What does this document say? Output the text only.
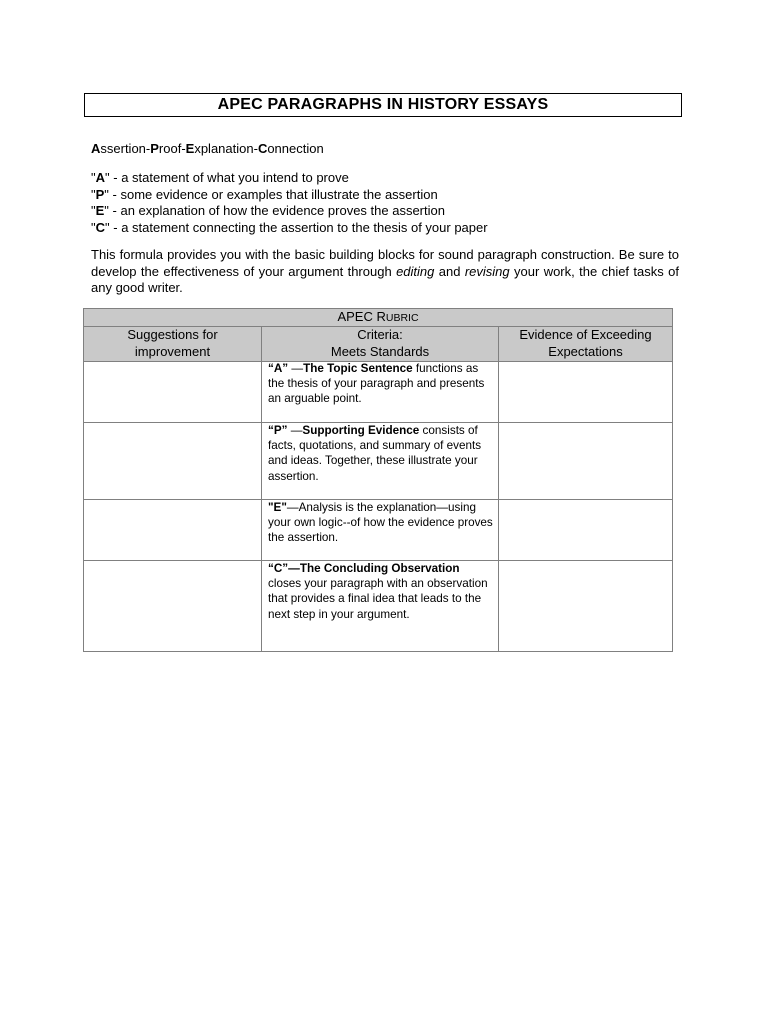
APEC PARAGRAPHS IN HISTORY ESSAYS
Assertion-Proof-Explanation-Connection
"A" - a statement of what you intend to prove
"P" - some evidence or examples that illustrate the assertion
"E" - an explanation of how the evidence proves the assertion
"C" - a statement connecting the assertion to the thesis of your paper
This formula provides you with the basic building blocks for sound paragraph construction. Be sure to develop the effectiveness of your argument through editing and revising your work, the chief tasks of any good writer.
APEC RUBRIC		
Suggestions for
improvement	Criteria:
Meets Standards	Evidence of Exceeding
Expectations

	“A” —The Topic Sentence functions as the thesis of your paragraph and presents an arguable point.	

	“P” —Supporting Evidence consists of facts, quotations, and summary of events and ideas. Together, these illustrate your assertion.	

	"E"—Analysis is the explanation—using your own logic--of how the evidence proves the assertion.	

	“C”—The Concluding Observation closes your paragraph with an observation that provides a final idea that leads to the next step in your argument.	
